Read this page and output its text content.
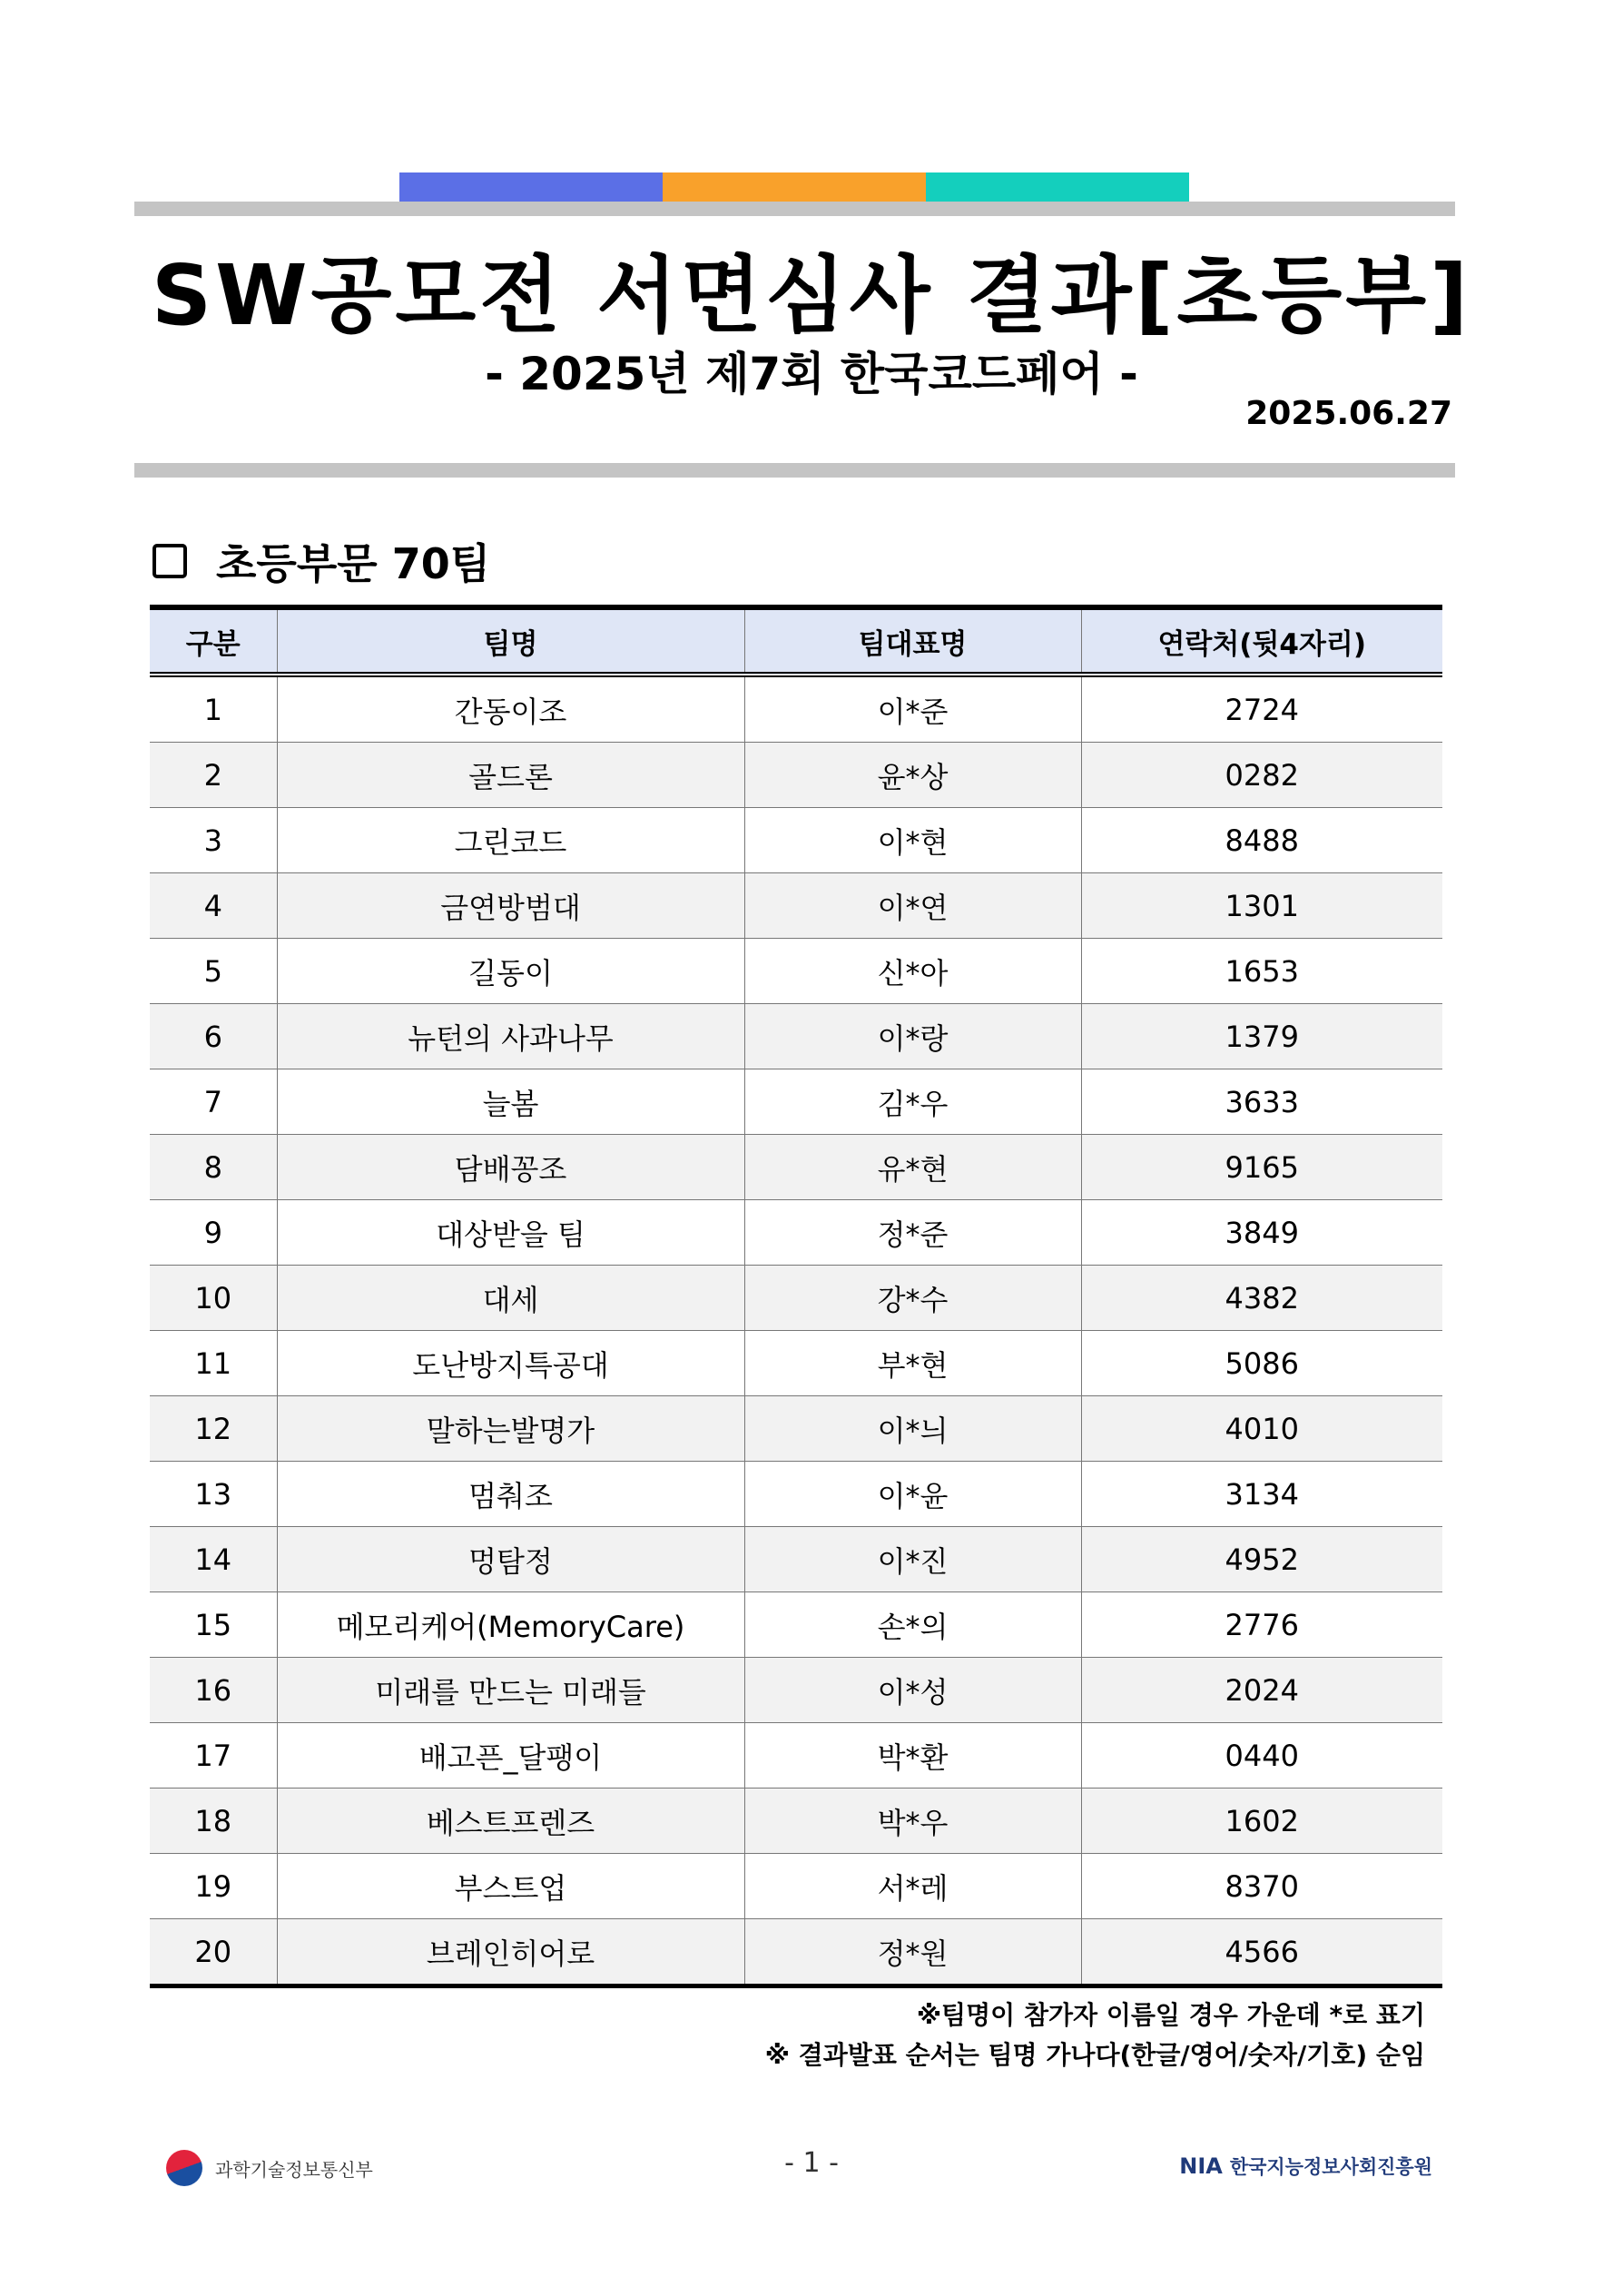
SW공모전 서면심사 결과[초등부]
- 2025년 제7회 한국코드페어 -
2025.06.27
초등부문 70팀
구분	팀명	팀대표명	연락처(뒷4자리)
1	간동이조	이*준	2724
2	골드론	윤*상	0282
3	그린코드	이*현	8488
4	금연방범대	이*연	1301
5	길동이	신*아	1653
6	뉴턴의 사과나무	이*랑	1379
7	늘봄	김*우	3633
8	담배꽁조	유*현	9165
9	대상받을 팀	정*준	3849
10	대세	강*수	4382
11	도난방지특공대	부*현	5086
12	말하는발명가	이*늬	4010
13	멈춰조	이*윤	3134
14	멍탐정	이*진	4952
15	메모리케어(MemoryCare)	손*의	2776
16	미래를 만드는 미래들	이*성	2024
17	배고픈_달팽이	박*환	0440
18	베스트프렌즈	박*우	1602
19	부스트업	서*레	8370
20	브레인히어로	정*원	4566
※팀명이 참가자 이름일 경우 가운데 *로 표기
※ 결과발표 순서는 팀명 가나다(한글/영어/숫자/기호) 순임
과학기술정보통신부	- 1 -	NIA 한국지능정보사회진흥원
